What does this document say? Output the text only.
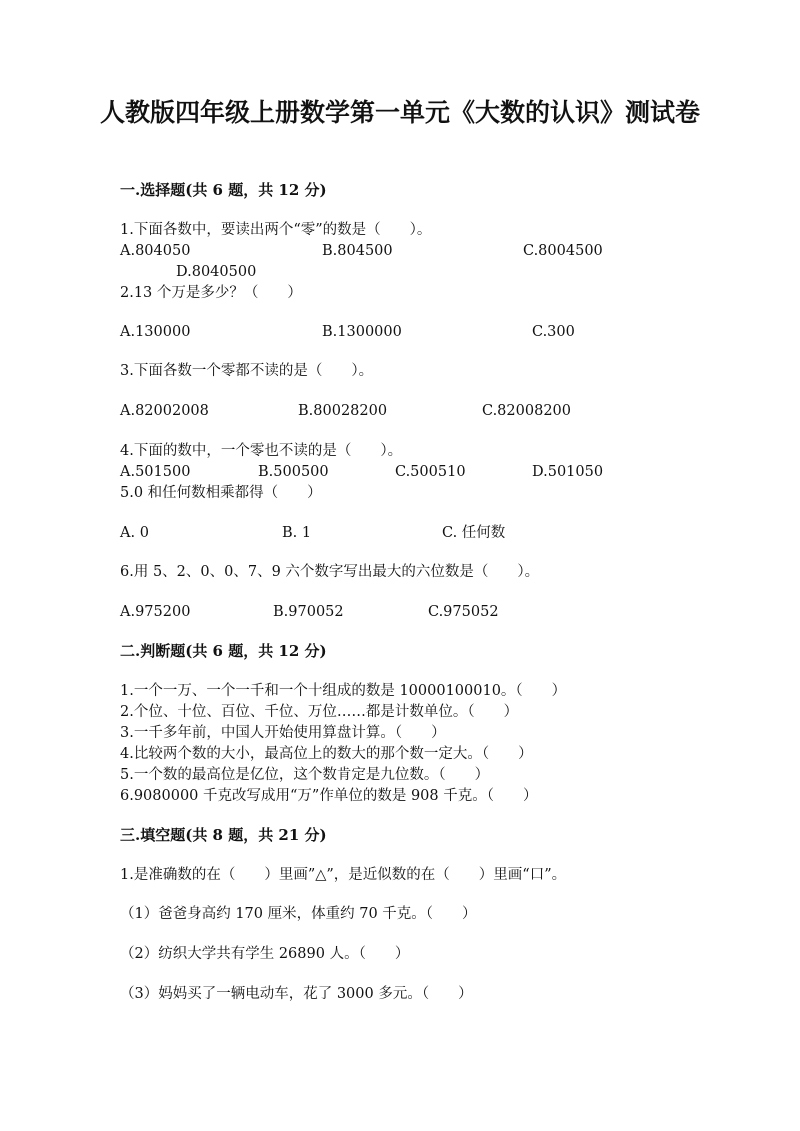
人教版四年级上册数学第一单元《大数的认识》测试卷
一.选择题(共 6 题，共 12 分)
1.下面各数中，要读出两个“零”的数是（　　）。
A.804050	B.804500	C.8004500
D.8040500
2.13 个万是多少？（　　）
A.130000	B.1300000	C.300
3.下面各数一个零都不读的是（　　）。
A.82002008	B.80028200	C.82008200
4.下面的数中，一个零也不读的是（　　）。
A.501500	B.500500	C.500510	D.501050
5.0 和任何数相乘都得（　　）
A. 0	B. 1	C. 任何数
6.用 5、2、0、0、7、9 六个数字写出最大的六位数是（　　）。
A.975200	B.970052	C.975052
二.判断题(共 6 题，共 12 分)
1.一个一万、一个一千和一个十组成的数是 10000100010。（　　）
2.个位、十位、百位、千位、万位……都是计数单位。（　　）
3.一千多年前，中国人开始使用算盘计算。（　　）
4.比较两个数的大小，最高位上的数大的那个数一定大。（　　）
5.一个数的最高位是亿位，这个数肯定是九位数。（　　）
6.9080000 千克改写成用“万”作单位的数是 908 千克。（　　）
三.填空题(共 8 题，共 21 分)
1.是准确数的在（　　）里画”△”，是近似数的在（　　）里画“口”。
（1）爸爸身高约 170 厘米，体重约 70 千克。（　　）
（2）纺织大学共有学生 26890 人。（　　）
（3）妈妈买了一辆电动车，花了 3000 多元。（　　）
